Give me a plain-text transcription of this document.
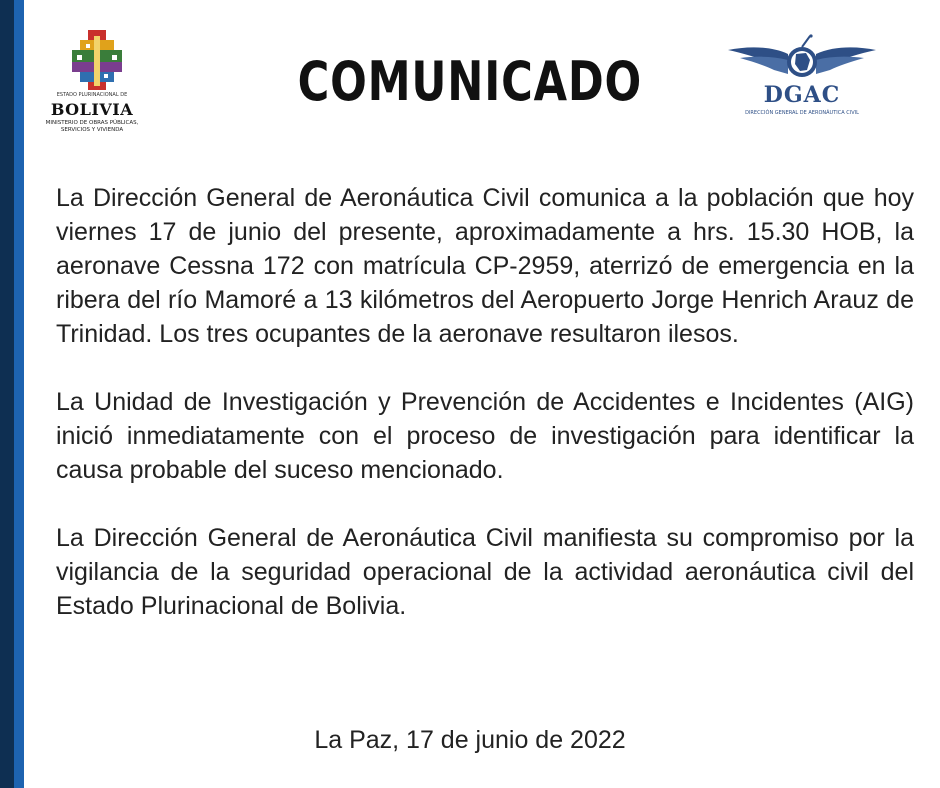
ESTADO PLURINACIONAL DE
BOLIVIA
MINISTERIO DE OBRAS PÚBLICAS, SERVICIOS Y VIVIENDA
COMUNICADO	DGAC
DIRECCIÓN GENERAL DE AERONÁUTICA CIVIL

La Dirección General de Aeronáutica Civil comunica a la población que hoy viernes 17 de junio del presente, aproximadamente a hrs. 15.30 HOB, la aeronave Cessna 172 con matrícula CP-2959, aterrizó de emergencia en la ribera del río Mamoré a 13 kilómetros del Aeropuerto Jorge Henrich Arauz de Trinidad. Los tres ocupantes de la aeronave resultaron ilesos.

La Unidad de Investigación y Prevención de Accidentes e Incidentes (AIG) inició inmediatamente con el proceso de investigación para identificar la causa probable del suceso mencionado.

La Dirección General de Aeronáutica Civil manifiesta su compromiso por la vigilancia de la seguridad operacional de la actividad aeronáutica civil del Estado Plurinacional de Bolivia.

La Paz, 17 de junio de 2022
